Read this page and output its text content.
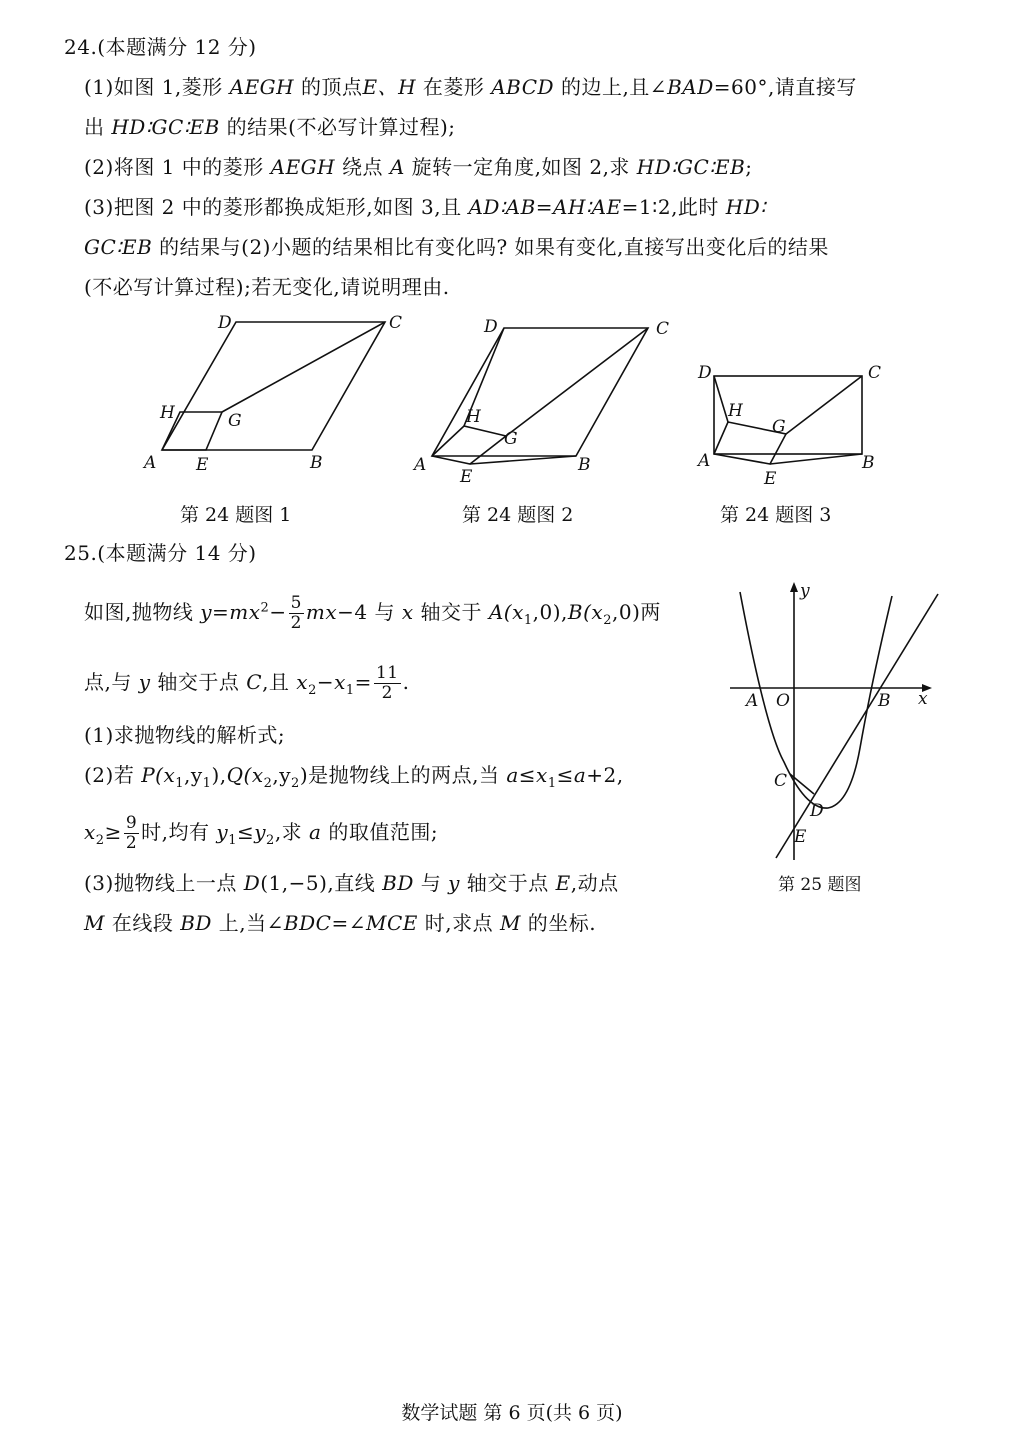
24.(本题满分 12 分)
(1)如图 1,菱形 AEGH 的顶点E、H 在菱形 ABCD 的边上,且∠BAD=60°,请直接写
出 HD∶GC∶EB 的结果(不必写计算过程);
(2)将图 1 中的菱形 AEGH 绕点 A 旋转一定角度,如图 2,求 HD∶GC∶EB;
(3)把图 2 中的菱形都换成矩形,如图 3,且 AD∶AB=AH∶AE=1∶2,此时 HD∶
GC∶EB 的结果与(2)小题的结果相比有变化吗? 如果有变化,直接写出变化后的结果
(不必写计算过程);若无变化,请说明理由.
A E	B
C
D
H	G
A
E
B
C
D
H
G
A
E
B
C
D
H
G
第 24 题图 1	第 24 题图 2	第 24 题图 3
25.(本题满分 14 分)
如图,抛物线 $y=mx^2- \frac{5}{2} mx-4$ 与 x 轴交于 $A(x_1,0),B(x_2,0)$两
点,与 y 轴交于点 C,且 $x_2-x_1= \frac{11}{2}$ .
(1)求抛物线的解析式;
(2)若 $P(x_1,y_1),Q(x_2,y_2)$是抛物线上的两点,当 $a\le x_1\le a+2$,
$x_2\ge \frac{9}{2}$ 时,均有 $y_1\le y_2$,求 a 的取值范围;
(3)抛物线上一点 D(1,−5),直线 BD 与 y 轴交于点 E,动点
M 在线段 BD 上,当∠BDC=∠MCE 时,求点 M 的坐标.
y
x
A O	B
C
D
E
第 25 题图
数学试题 第 6 页(共 6 页)
